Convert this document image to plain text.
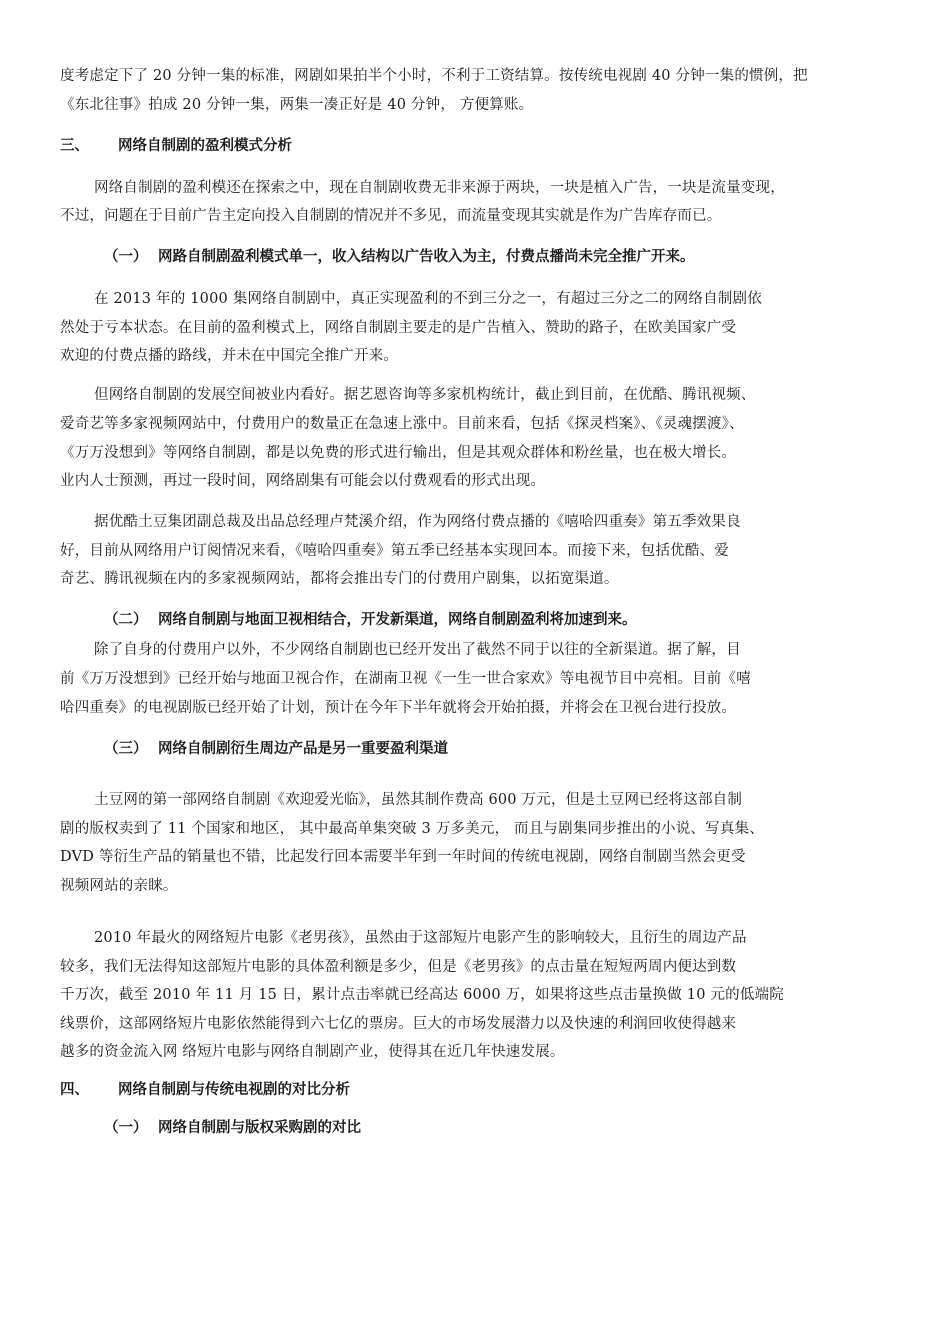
度考虑定下了 20 分钟一集的标准，网剧如果拍半个小时，不利于工资结算。按传统电视剧 40 分钟一集的惯例，把
《东北往事》拍成 20 分钟一集，两集一凑正好是 40 分钟， 方便算账。
三、 网络自制剧的盈利模式分析
网络自制剧的盈利模还在探索之中，现在自制剧收费无非来源于两块，一块是植入广告，一块是流量变现，
不过，问题在于目前广告主定向投入自制剧的情况并不多见，而流量变现其实就是作为广告库存而已。
（一） 网路自制剧盈利模式单一，收入结构以广告收入为主，付费点播尚未完全推广开来。
在 2013 年的 1000 集网络自制剧中，真正实现盈利的不到三分之一，有超过三分之二的网络自制剧依
然处于亏本状态。在目前的盈利模式上，网络自制剧主要走的是广告植入、赞助的路子，在欧美国家广受
欢迎的付费点播的路线，并未在中国完全推广开来。
但网络自制剧的发展空间被业内看好。据艺恩咨询等多家机构统计，截止到目前，在优酷、腾讯视频、
爱奇艺等多家视频网站中，付费用户的数量正在急速上涨中。目前来看，包括《探灵档案》、《灵魂摆渡》、
《万万没想到》等网络自制剧，都是以免费的形式进行输出，但是其观众群体和粉丝量，也在极大增长。
业内人士预测，再过一段时间，网络剧集有可能会以付费观看的形式出现。
据优酷土豆集团副总裁及出品总经理卢梵溪介绍，作为网络付费点播的《嘻哈四重奏》第五季效果良
好，目前从网络用户订阅情况来看，《嘻哈四重奏》第五季已经基本实现回本。而接下来，包括优酷、爱
奇艺、腾讯视频在内的多家视频网站，都将会推出专门的付费用户剧集，以拓宽渠道。
（二） 网络自制剧与地面卫视相结合，开发新渠道，网络自制剧盈利将加速到来。
除了自身的付费用户以外，不少网络自制剧也已经开发出了截然不同于以往的全新渠道。据了解，目
前《万万没想到》已经开始与地面卫视合作，在湖南卫视《一生一世合家欢》等电视节目中亮相。目前《嘻
哈四重奏》的电视剧版已经开始了计划，预计在今年下半年就将会开始拍摄，并将会在卫视台进行投放。
（三） 网络自制剧衍生周边产品是另一重要盈利渠道
土豆网的第一部网络自制剧《欢迎爱光临》，虽然其制作费高 600 万元，但是土豆网已经将这部自制
剧的版权卖到了 11 个国家和地区， 其中最高单集突破 3 万多美元， 而且与剧集同步推出的小说、写真集、
DVD 等衍生产品的销量也不错，比起发行回本需要半年到一年时间的传统电视剧，网络自制剧当然会更受
视频网站的亲睐。
2010 年最火的网络短片电影《老男孩》，虽然由于这部短片电影产生的影响较大，且衍生的周边产品
较多，我们无法得知这部短片电影的具体盈利额是多少，但是《老男孩》的点击量在短短两周内便达到数
千万次，截至 2010 年 11 月 15 日，累计点击率就已经高达 6000 万，如果将这些点击量换做 10 元的低端院
线票价，这部网络短片电影依然能得到六七亿的票房。巨大的市场发展潜力以及快速的利润回收使得越来
越多的资金流入网 络短片电影与网络自制剧产业，使得其在近几年快速发展。
四、 网络自制剧与传统电视剧的对比分析
（一） 网络自制剧与版权采购剧的对比
